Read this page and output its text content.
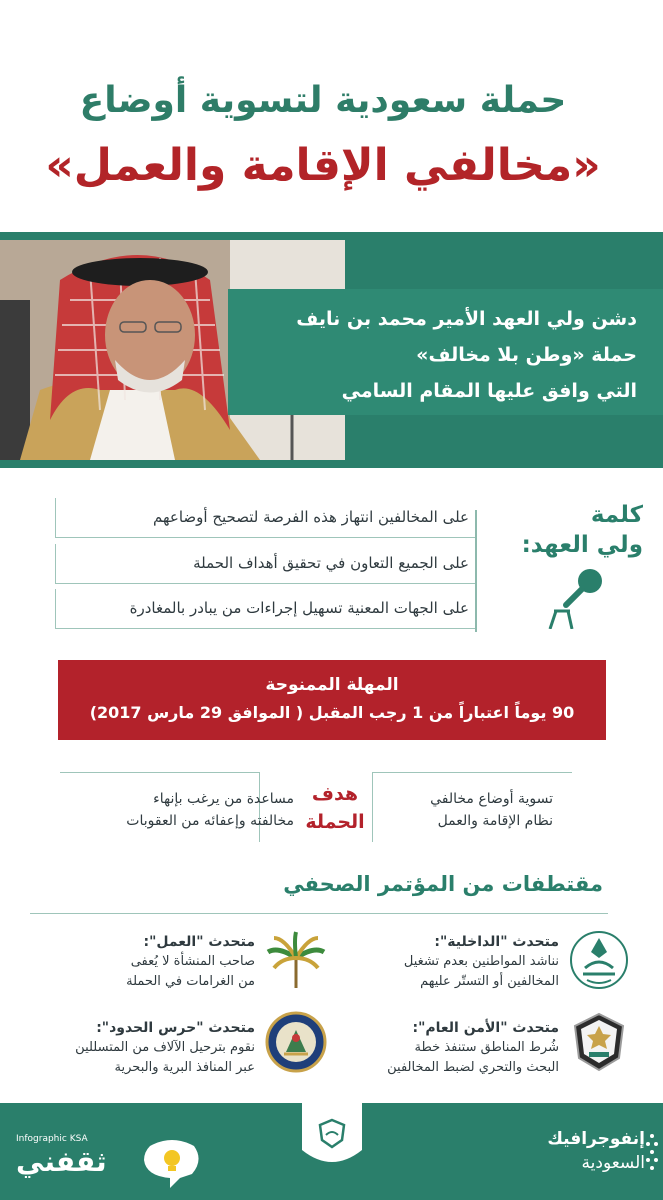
حملة سعودية لتسوية أوضاع
«مخالفي الإقامة والعمل»
دشن ولي العهد الأمير محمد بن نايف
حملة «وطن بلا مخالف»
التي وافق عليها المقام السامي
كلمة
ولي العهد:
على المخالفين انتهاز هذه الفرصة لتصحيح أوضاعهم
على الجميع التعاون في تحقيق أهداف الحملة
على الجهات المعنية تسهيل إجراءات من يبادر بالمغادرة
المهلة الممنوحة
90 يوماً اعتباراً من 1 رجب المقبل ( الموافق 29 مارس 2017)
هدف
الحملة
تسوية أوضاع مخالفي
نظام الإقامة والعمل
مساعدة من يرغب بإنهاء
مخالفته وإعفائه من العقوبات
مقتطفات من المؤتمر الصحفي
متحدث "الداخلية":
نناشد المواطنين بعدم تشغيل
المخالفين أو التستّر عليهم
متحدث "العمل":
صاحب المنشأة لا يُعفى
من الغرامات في الحملة
متحدث "الأمن العام":
شُرط المناطق ستنفذ خطة
البحث والتحري لضبط المخالفين
متحدث "حرس الحدود":
نقوم بترحيل الآلاف من المتسللين
عبر المنافذ البرية والبحرية
إنفوجرافيك
السعودية
Infographic KSA
ثقفني
